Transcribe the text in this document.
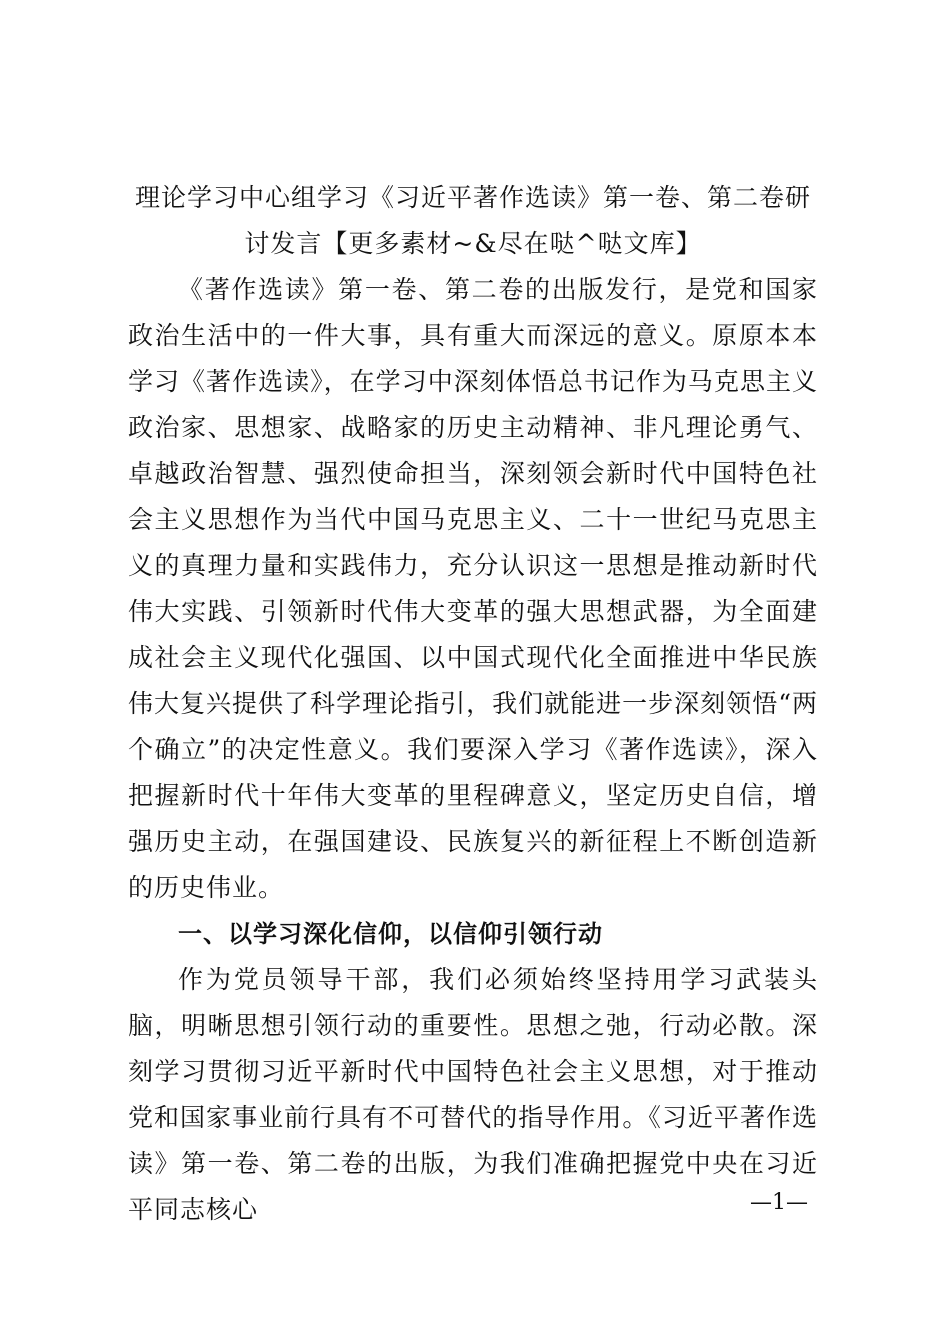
理论学习中心组学习《习近平著作选读》第一卷、第二卷研讨发言【更多素材~&尽在哒^哒文库】

《著作选读》第一卷、第二卷的出版发行，是党和国家政治生活中的一件大事，具有重大而深远的意义。原原本本学习《著作选读》，在学习中深刻体悟总书记作为马克思主义政治家、思想家、战略家的历史主动精神、非凡理论勇气、卓越政治智慧、强烈使命担当，深刻领会新时代中国特色社会主义思想作为当代中国马克思主义、二十一世纪马克思主义的真理力量和实践伟力，充分认识这一思想是推动新时代伟大实践、引领新时代伟大变革的强大思想武器，为全面建成社会主义现代化强国、以中国式现代化全面推进中华民族伟大复兴提供了科学理论指引，我们就能进一步深刻领悟“两个确立”的决定性意义。我们要深入学习《著作选读》，深入把握新时代十年伟大变革的里程碑意义，坚定历史自信，增强历史主动，在强国建设、民族复兴的新征程上不断创造新的历史伟业。

一、以学习深化信仰，以信仰引领行动

作为党员领导干部，我们必须始终坚持用学习武装头脑，明晰思想引领行动的重要性。思想之弛，行动必散。深刻学习贯彻习近平新时代中国特色社会主义思想，对于推动党和国家事业前行具有不可替代的指导作用。《习近平著作选读》第一卷、第二卷的出版，为我们准确把握党中央在习近平同志核心	—1—
